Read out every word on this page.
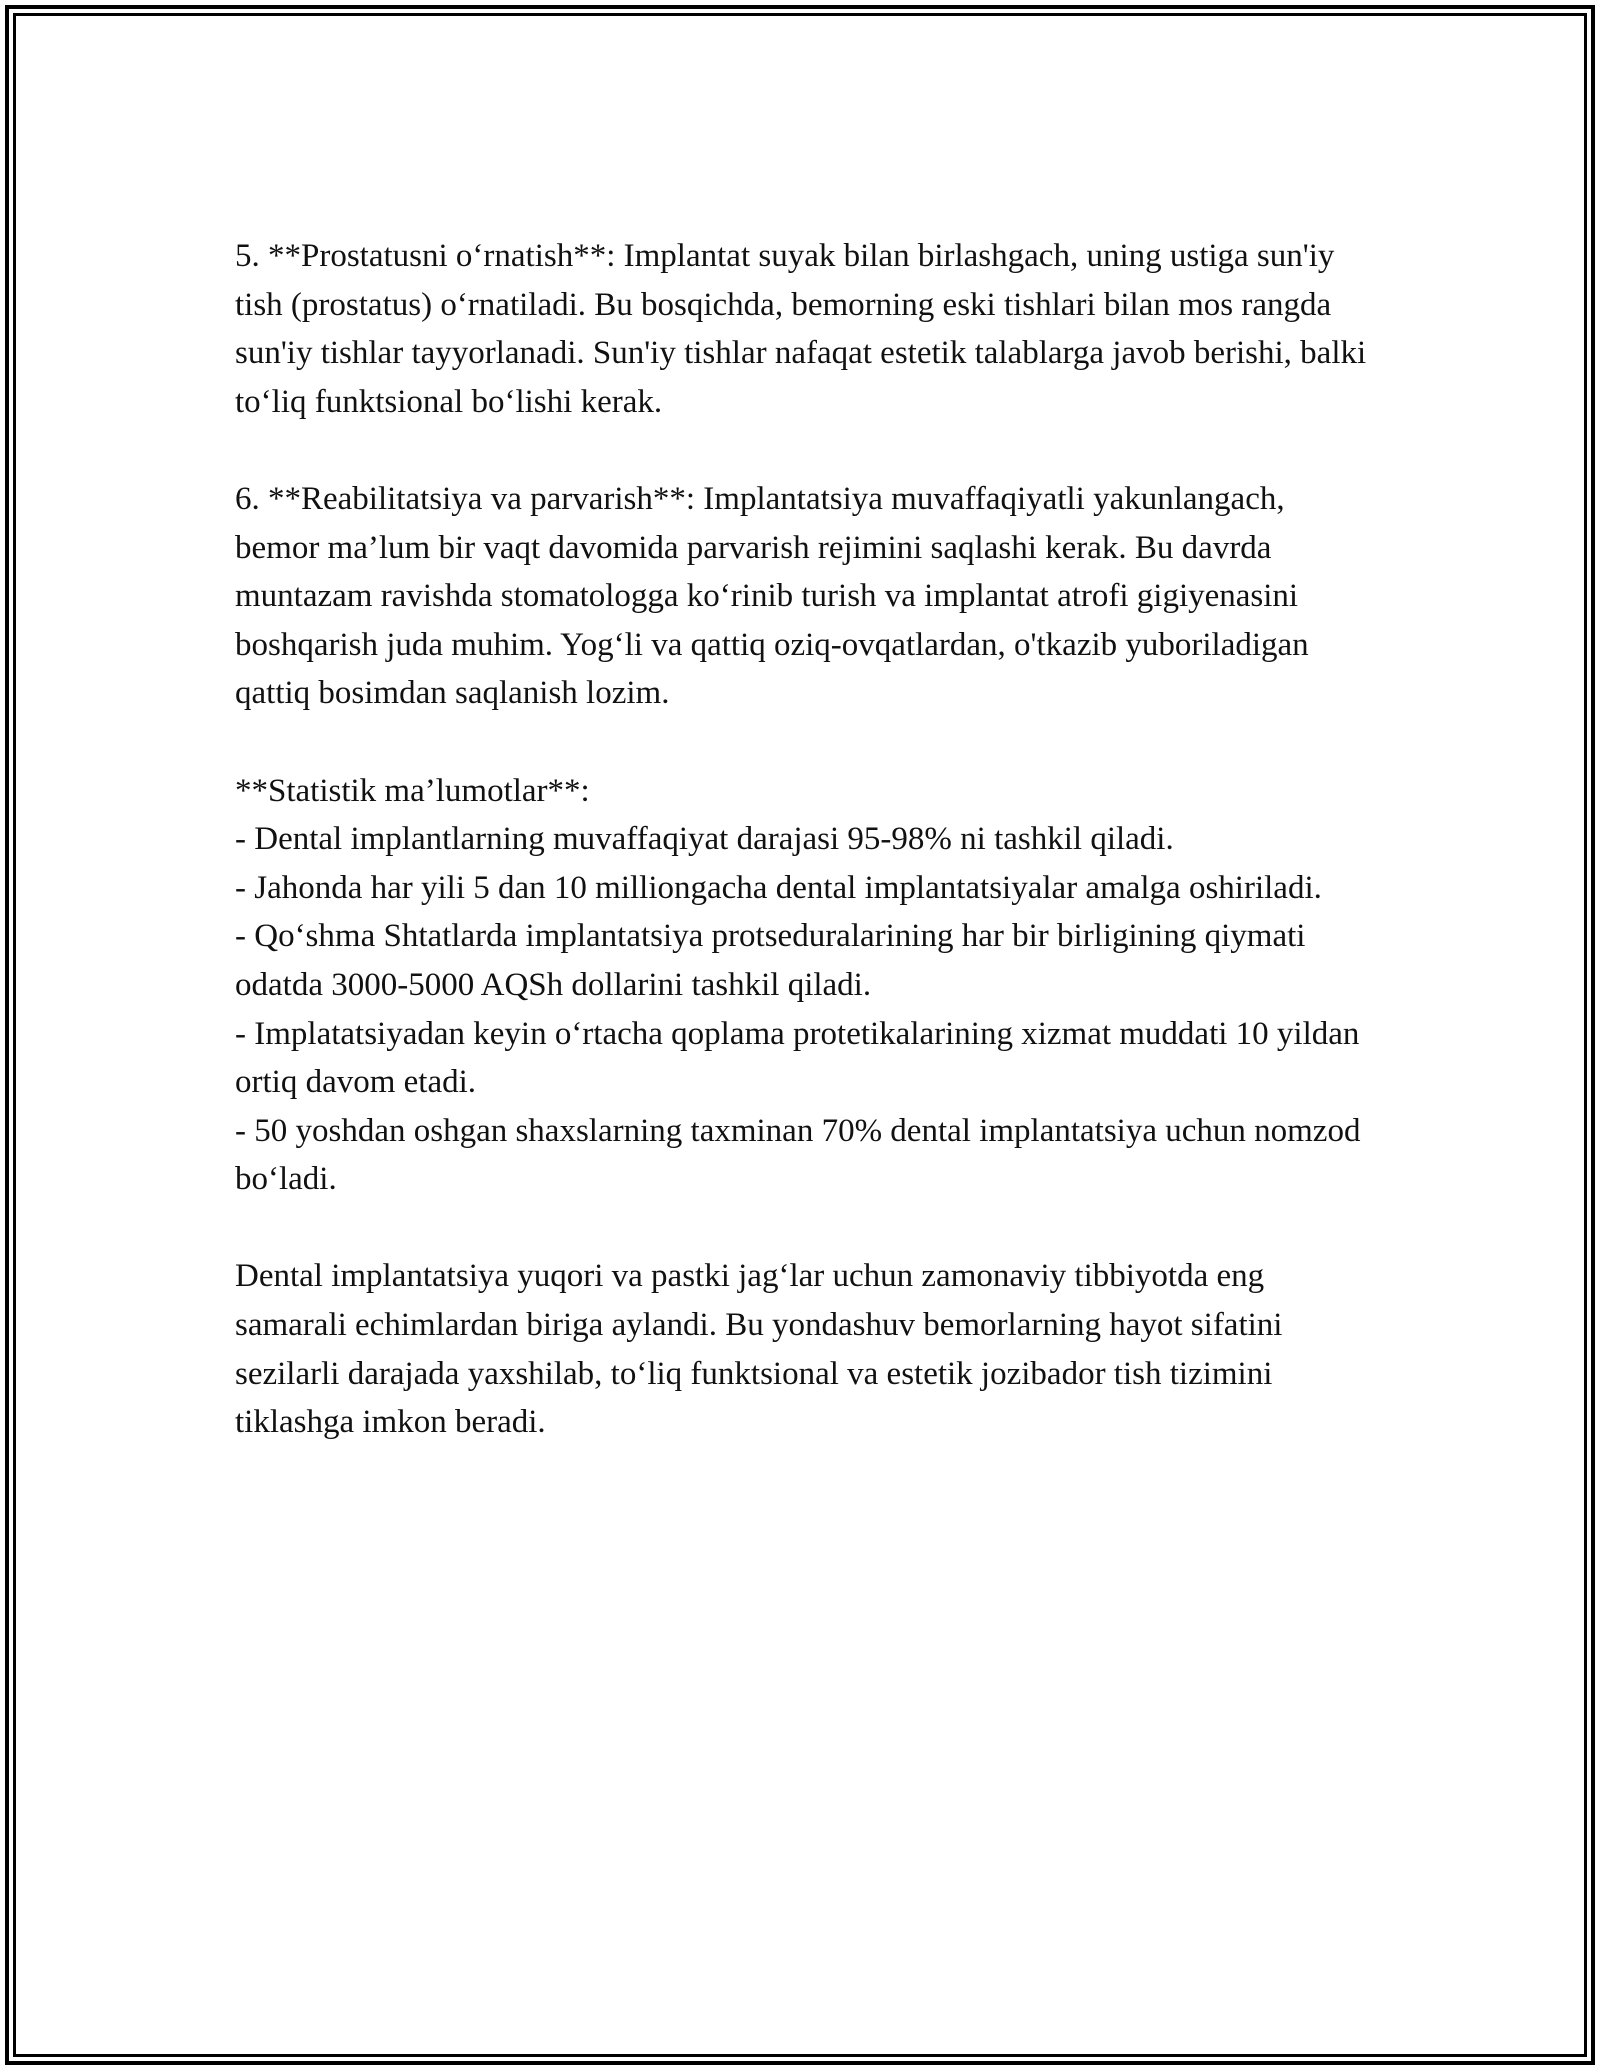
5. **Prostatusni o‘rnatish**: Implantat suyak bilan birlashgach, uning ustiga sun'iy tish (prostatus) o‘rnatiladi. Bu bosqichda, bemorning eski tishlari bilan mos rangda sun'iy tishlar tayyorlanadi. Sun'iy tishlar nafaqat estetik talablarga javob berishi, balki to‘liq funktsional bo‘lishi kerak.

6. **Reabilitatsiya va parvarish**: Implantatsiya muvaffaqiyatli yakunlangach, bemor ma’lum bir vaqt davomida parvarish rejimini saqlashi kerak. Bu davrda muntazam ravishda stomatologga ko‘rinib turish va implantat atrofi gigiyenasini boshqarish juda muhim. Yog‘li va qattiq oziq-ovqatlardan, o'tkazib yuboriladigan qattiq bosimdan saqlanish lozim.

**Statistik ma’lumotlar**:

- Dental implantlarning muvaffaqiyat darajasi 95-98% ni tashkil qiladi.

- Jahonda har yili 5 dan 10 milliongacha dental implantatsiyalar amalga oshiriladi.

- Qo‘shma Shtatlarda implantatsiya protseduralarining har bir birligining qiymati odatda 3000-5000 AQSh dollarini tashkil qiladi.

- Implatatsiyadan keyin o‘rtacha qoplama protetikalarining xizmat muddati 10 yildan ortiq davom etadi.

- 50 yoshdan oshgan shaxslarning taxminan 70% dental implantatsiya uchun nomzod bo‘ladi.

Dental implantatsiya yuqori va pastki jag‘lar uchun zamonaviy tibbiyotda eng samarali echimlardan biriga aylandi. Bu yondashuv bemorlarning hayot sifatini sezilarli darajada yaxshilab, to‘liq funktsional va estetik jozibador tish tizimini tiklashga imkon beradi.
